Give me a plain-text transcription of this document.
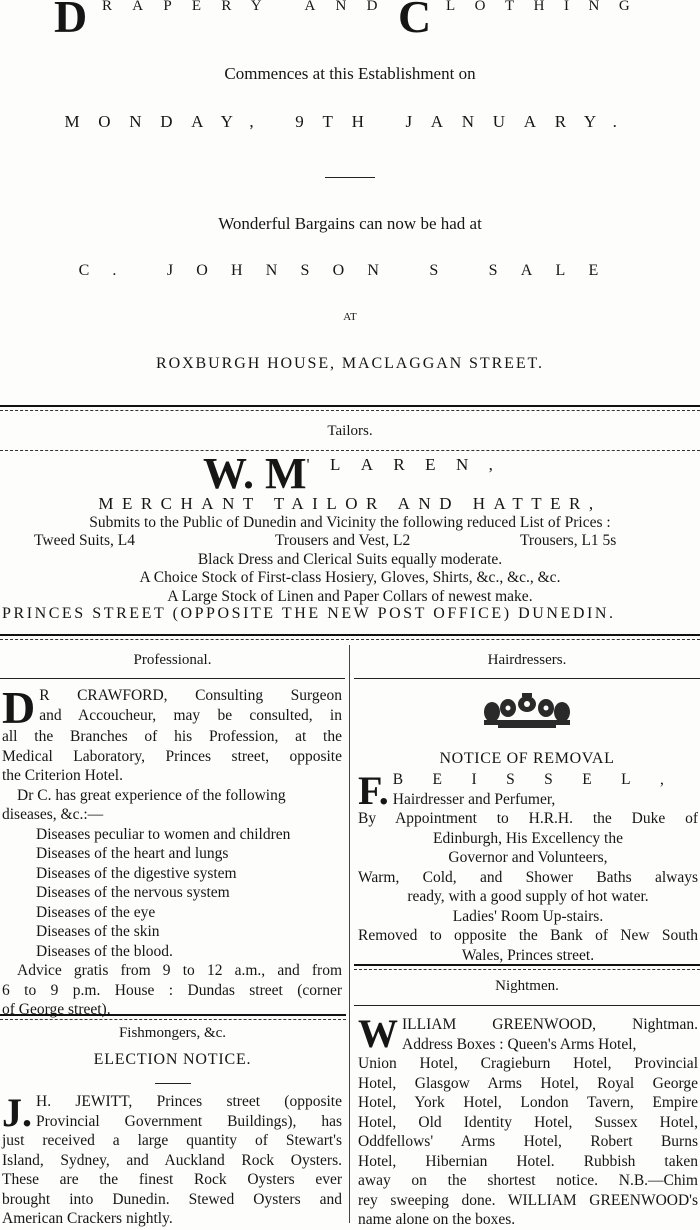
D RAPERY AND C LOTHING
Commences at this Establishment on
MONDAY, 9TH JANUARY.
Wonderful Bargains can now be had at
C. JOHNSON S SALE
AT
ROXBURGH HOUSE, MACLAGGAN STREET.
Tailors.
W. M'LAREN,
MERCHANT TAILOR AND HATTER,
Submits to the Public of Dunedin and Vicinity the following reduced List of Prices :
Tweed Suits, L4	Trousers and Vest, L2	Trousers, L1 5s
Black Dress and Clerical Suits equally moderate.
A Choice Stock of First-class Hosiery, Gloves, Shirts, &c., &c., &c.
A Large Stock of Linen and Paper Collars of newest make.
PRINCES STREET (OPPOSITE THE NEW POST OFFICE) DUNEDIN.
Professional.
D R CRAWFORD, Consulting Surgeon

and Accoucheur, may be consulted, in

all the Branches of his Profession, at the

Medical Laboratory, Princes street, opposite

the Criterion Hotel.

Dr C. has great experience of the following

diseases, &c.:—

Diseases peculiar to women and children

Diseases of the heart and lungs

Diseases of the digestive system

Diseases of the nervous system

Diseases of the eye

Diseases of the skin

Diseases of the blood.

Advice gratis from 9 to 12 a.m., and from

6 to 9 p.m. House : Dundas street (corner

of George street).

Fishmongers, &c.
ELECTION NOTICE.
J. H. JEWITT, Princes street (opposite

Provincial Government Buildings), has

just received a large quantity of Stewart's

Island, Sydney, and Auckland Rock Oysters.

These are the finest Rock Oysters ever

brought into Dunedin. Stewed Oysters and

American Crackers nightly.

Hairdressers.
NOTICE OF REMOVAL
F. BEISSEL,

Hairdresser and Perfumer,

By Appointment to H.R.H. the Duke of

Edinburgh, His Excellency the

Governor and Volunteers,

Warm, Cold, and Shower Baths always

ready, with a good supply of hot water.

Ladies' Room Up-stairs.

Removed to opposite the Bank of New South

Wales, Princes street.

Nightmen.
W ILLIAM GREENWOOD, Nightman.

Address Boxes : Queen's Arms Hotel,

Union Hotel, Cragieburn Hotel, Provincial

Hotel, Glasgow Arms Hotel, Royal George

Hotel, York Hotel, London Tavern, Empire

Hotel, Old Identity Hotel, Sussex Hotel,

Oddfellows' Arms Hotel, Robert Burns

Hotel, Hibernian Hotel. Rubbish taken

away on the shortest notice. N.B.—Chim

rey sweeping done. WILLIAM GREENWOOD's

name alone on the boxes.
